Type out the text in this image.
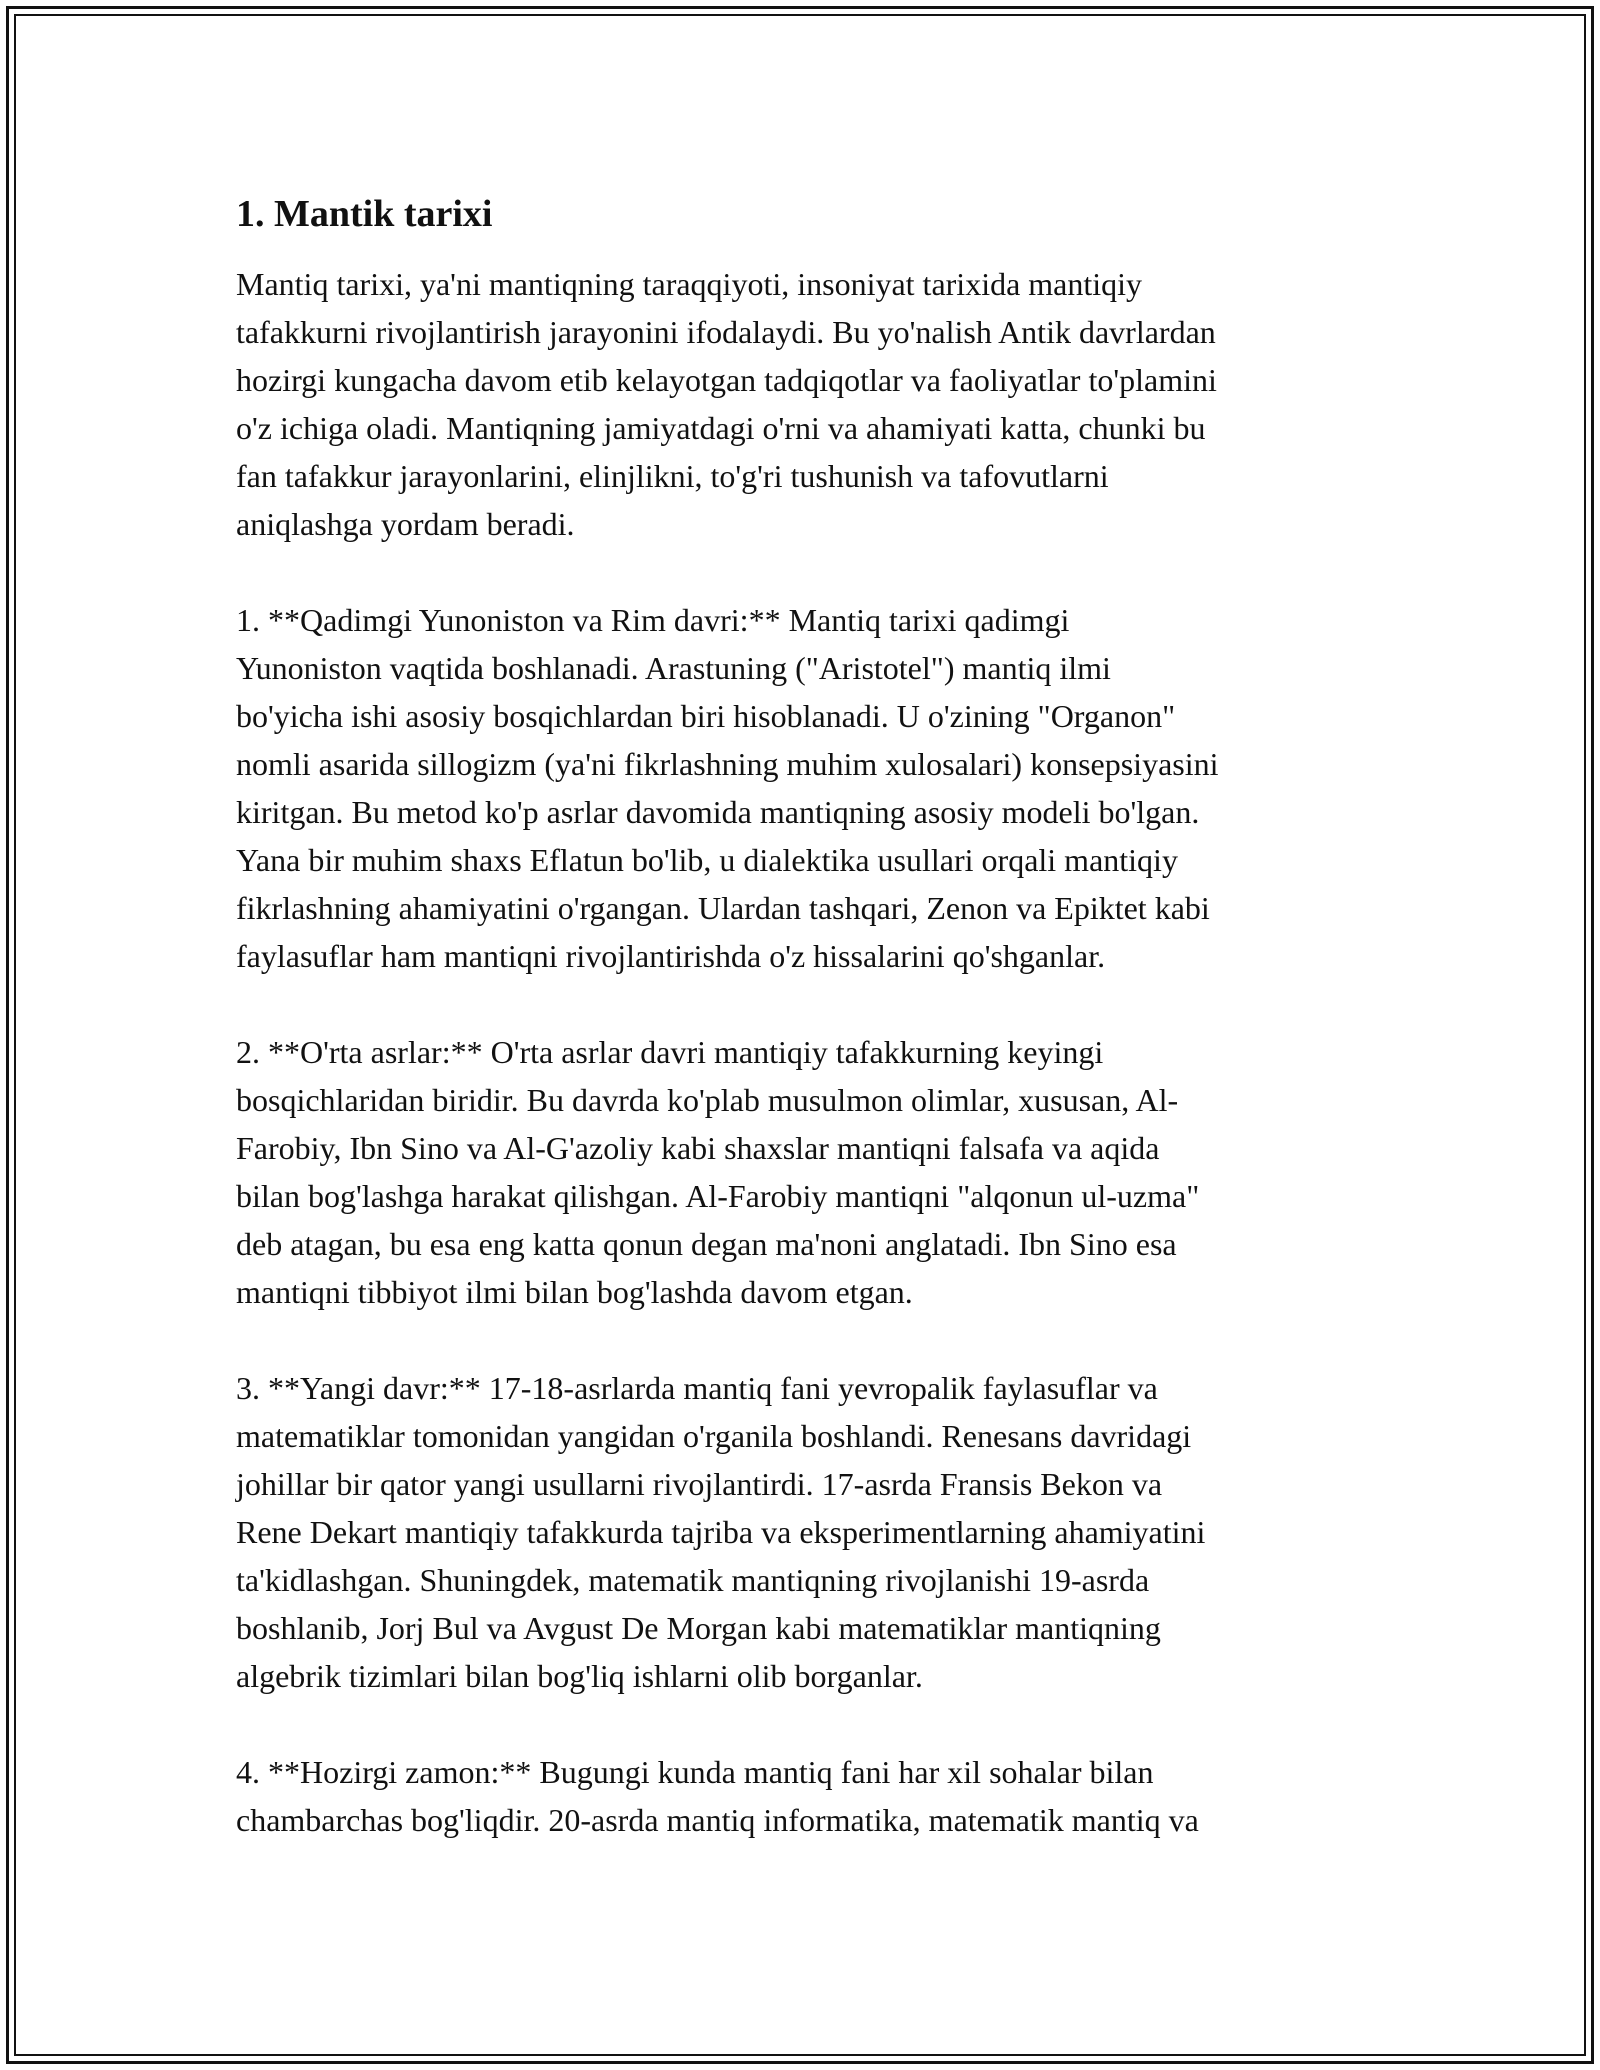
1. Mantik tarixi

Mantiq tarixi, ya'ni mantiqning taraqqiyoti, insoniyat tarixida mantiqiy
tafakkurni rivojlantirish jarayonini ifodalaydi. Bu yo'nalish Antik davrlardan
hozirgi kungacha davom etib kelayotgan tadqiqotlar va faoliyatlar to'plamini
o'z ichiga oladi. Mantiqning jamiyatdagi o'rni va ahamiyati katta, chunki bu
fan tafakkur jarayonlarini, elinjlikni, to'g'ri tushunish va tafovutlarni
aniqlashga yordam beradi.

1. **Qadimgi Yunoniston va Rim davri:** Mantiq tarixi qadimgi
Yunoniston vaqtida boshlanadi. Arastuning ("Aristotel") mantiq ilmi
bo'yicha ishi asosiy bosqichlardan biri hisoblanadi. U o'zining "Organon"
nomli asarida sillogizm (ya'ni fikrlashning muhim xulosalari) konsepsiyasini
kiritgan. Bu metod ko'p asrlar davomida mantiqning asosiy modeli bo'lgan.
Yana bir muhim shaxs Eflatun bo'lib, u dialektika usullari orqali mantiqiy
fikrlashning ahamiyatini o'rgangan. Ulardan tashqari, Zenon va Epiktet kabi
faylasuflar ham mantiqni rivojlantirishda o'z hissalarini qo'shganlar.

2. **O'rta asrlar:** O'rta asrlar davri mantiqiy tafakkurning keyingi
bosqichlaridan biridir. Bu davrda ko'plab musulmon olimlar, xususan, Al-
Farobiy, Ibn Sino va Al-G'azoliy kabi shaxslar mantiqni falsafa va aqida
bilan bog'lashga harakat qilishgan. Al-Farobiy mantiqni "alqonun ul-uzma"
deb atagan, bu esa eng katta qonun degan ma'noni anglatadi. Ibn Sino esa
mantiqni tibbiyot ilmi bilan bog'lashda davom etgan.

3. **Yangi davr:** 17-18-asrlarda mantiq fani yevropalik faylasuflar va
matematiklar tomonidan yangidan o'rganila boshlandi. Renesans davridagi
johillar bir qator yangi usullarni rivojlantirdi. 17-asrda Fransis Bekon va
Rene Dekart mantiqiy tafakkurda tajriba va eksperimentlarning ahamiyatini
ta'kidlashgan. Shuningdek, matematik mantiqning rivojlanishi 19-asrda
boshlanib, Jorj Bul va Avgust De Morgan kabi matematiklar mantiqning
algebrik tizimlari bilan bog'liq ishlarni olib borganlar.

4. **Hozirgi zamon:** Bugungi kunda mantiq fani har xil sohalar bilan
chambarchas bog'liqdir. 20-asrda mantiq informatika, matematik mantiq va
